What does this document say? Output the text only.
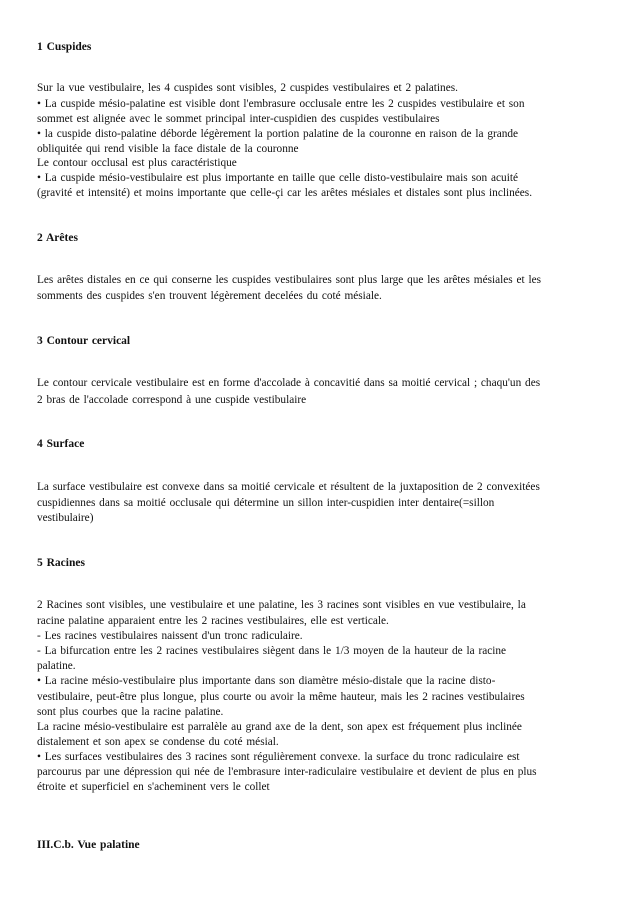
1 Cuspides
Sur la vue vestibulaire, les 4 cuspides sont visibles, 2 cuspides vestibulaires et 2 palatines.
• La cuspide mésio-palatine est visible dont l'embrasure occlusale entre les 2 cuspides vestibulaire et son
sommet est alignée avec le sommet principal inter-cuspidien des cuspides vestibulaires
• la cuspide disto-palatine déborde légèrement la portion palatine de la couronne en raison de la grande
obliquitée qui rend visible la face distale de la couronne
Le contour occlusal est plus caractéristique
• La cuspide mésio-vestibulaire est plus importante en taille que celle disto-vestibulaire mais son acuité
(gravité et intensité) et moins importante que celle-çi car les arêtes mésiales et distales sont plus inclinées.
2 Arêtes
Les arêtes distales en ce qui conserne les cuspides vestibulaires sont plus large que les arêtes mésiales et les
somments des cuspides s'en trouvent légèrement decelées du coté mésiale.
3 Contour cervical
Le contour cervicale vestibulaire est en forme d'accolade à concavitié dans sa moitié cervical ; chaqu'un des
2 bras de l'accolade correspond à une cuspide vestibulaire
4 Surface
La surface vestibulaire est convexe dans sa moitié cervicale et résultent de la juxtaposition de 2 convexitées
cuspidiennes dans sa moitié occlusale qui détermine un sillon inter-cuspidien inter dentaire(=sillon
vestibulaire)
5 Racines
2 Racines sont visibles, une vestibulaire et une palatine, les 3 racines sont visibles en vue vestibulaire, la
racine palatine apparaient entre les 2 racines vestibulaires, elle est verticale.
- Les racines vestibulaires naissent d'un tronc radiculaire.
- La bifurcation entre les 2 racines vestibulaires siègent dans le 1/3 moyen de la hauteur de la racine
palatine.
• La racine mésio-vestibulaire plus importante dans son diamètre mésio-distale que la racine disto-
vestibulaire, peut-être plus longue, plus courte ou avoir la même hauteur, mais les 2 racines vestibulaires
sont plus courbes que la racine palatine.
La racine mésio-vestibulaire est parralèle au grand axe de la dent, son apex est fréquement plus inclinée
distalement et son apex se condense du coté mésial.
• Les surfaces vestibulaires des 3 racines sont régulièrement convexe. la surface du tronc radiculaire est
parcourus par une dépression qui née de l'embrasure inter-radiculaire vestibulaire et devient de plus en plus
étroite et superficiel en s'acheminent vers le collet
III.C.b. Vue palatine
